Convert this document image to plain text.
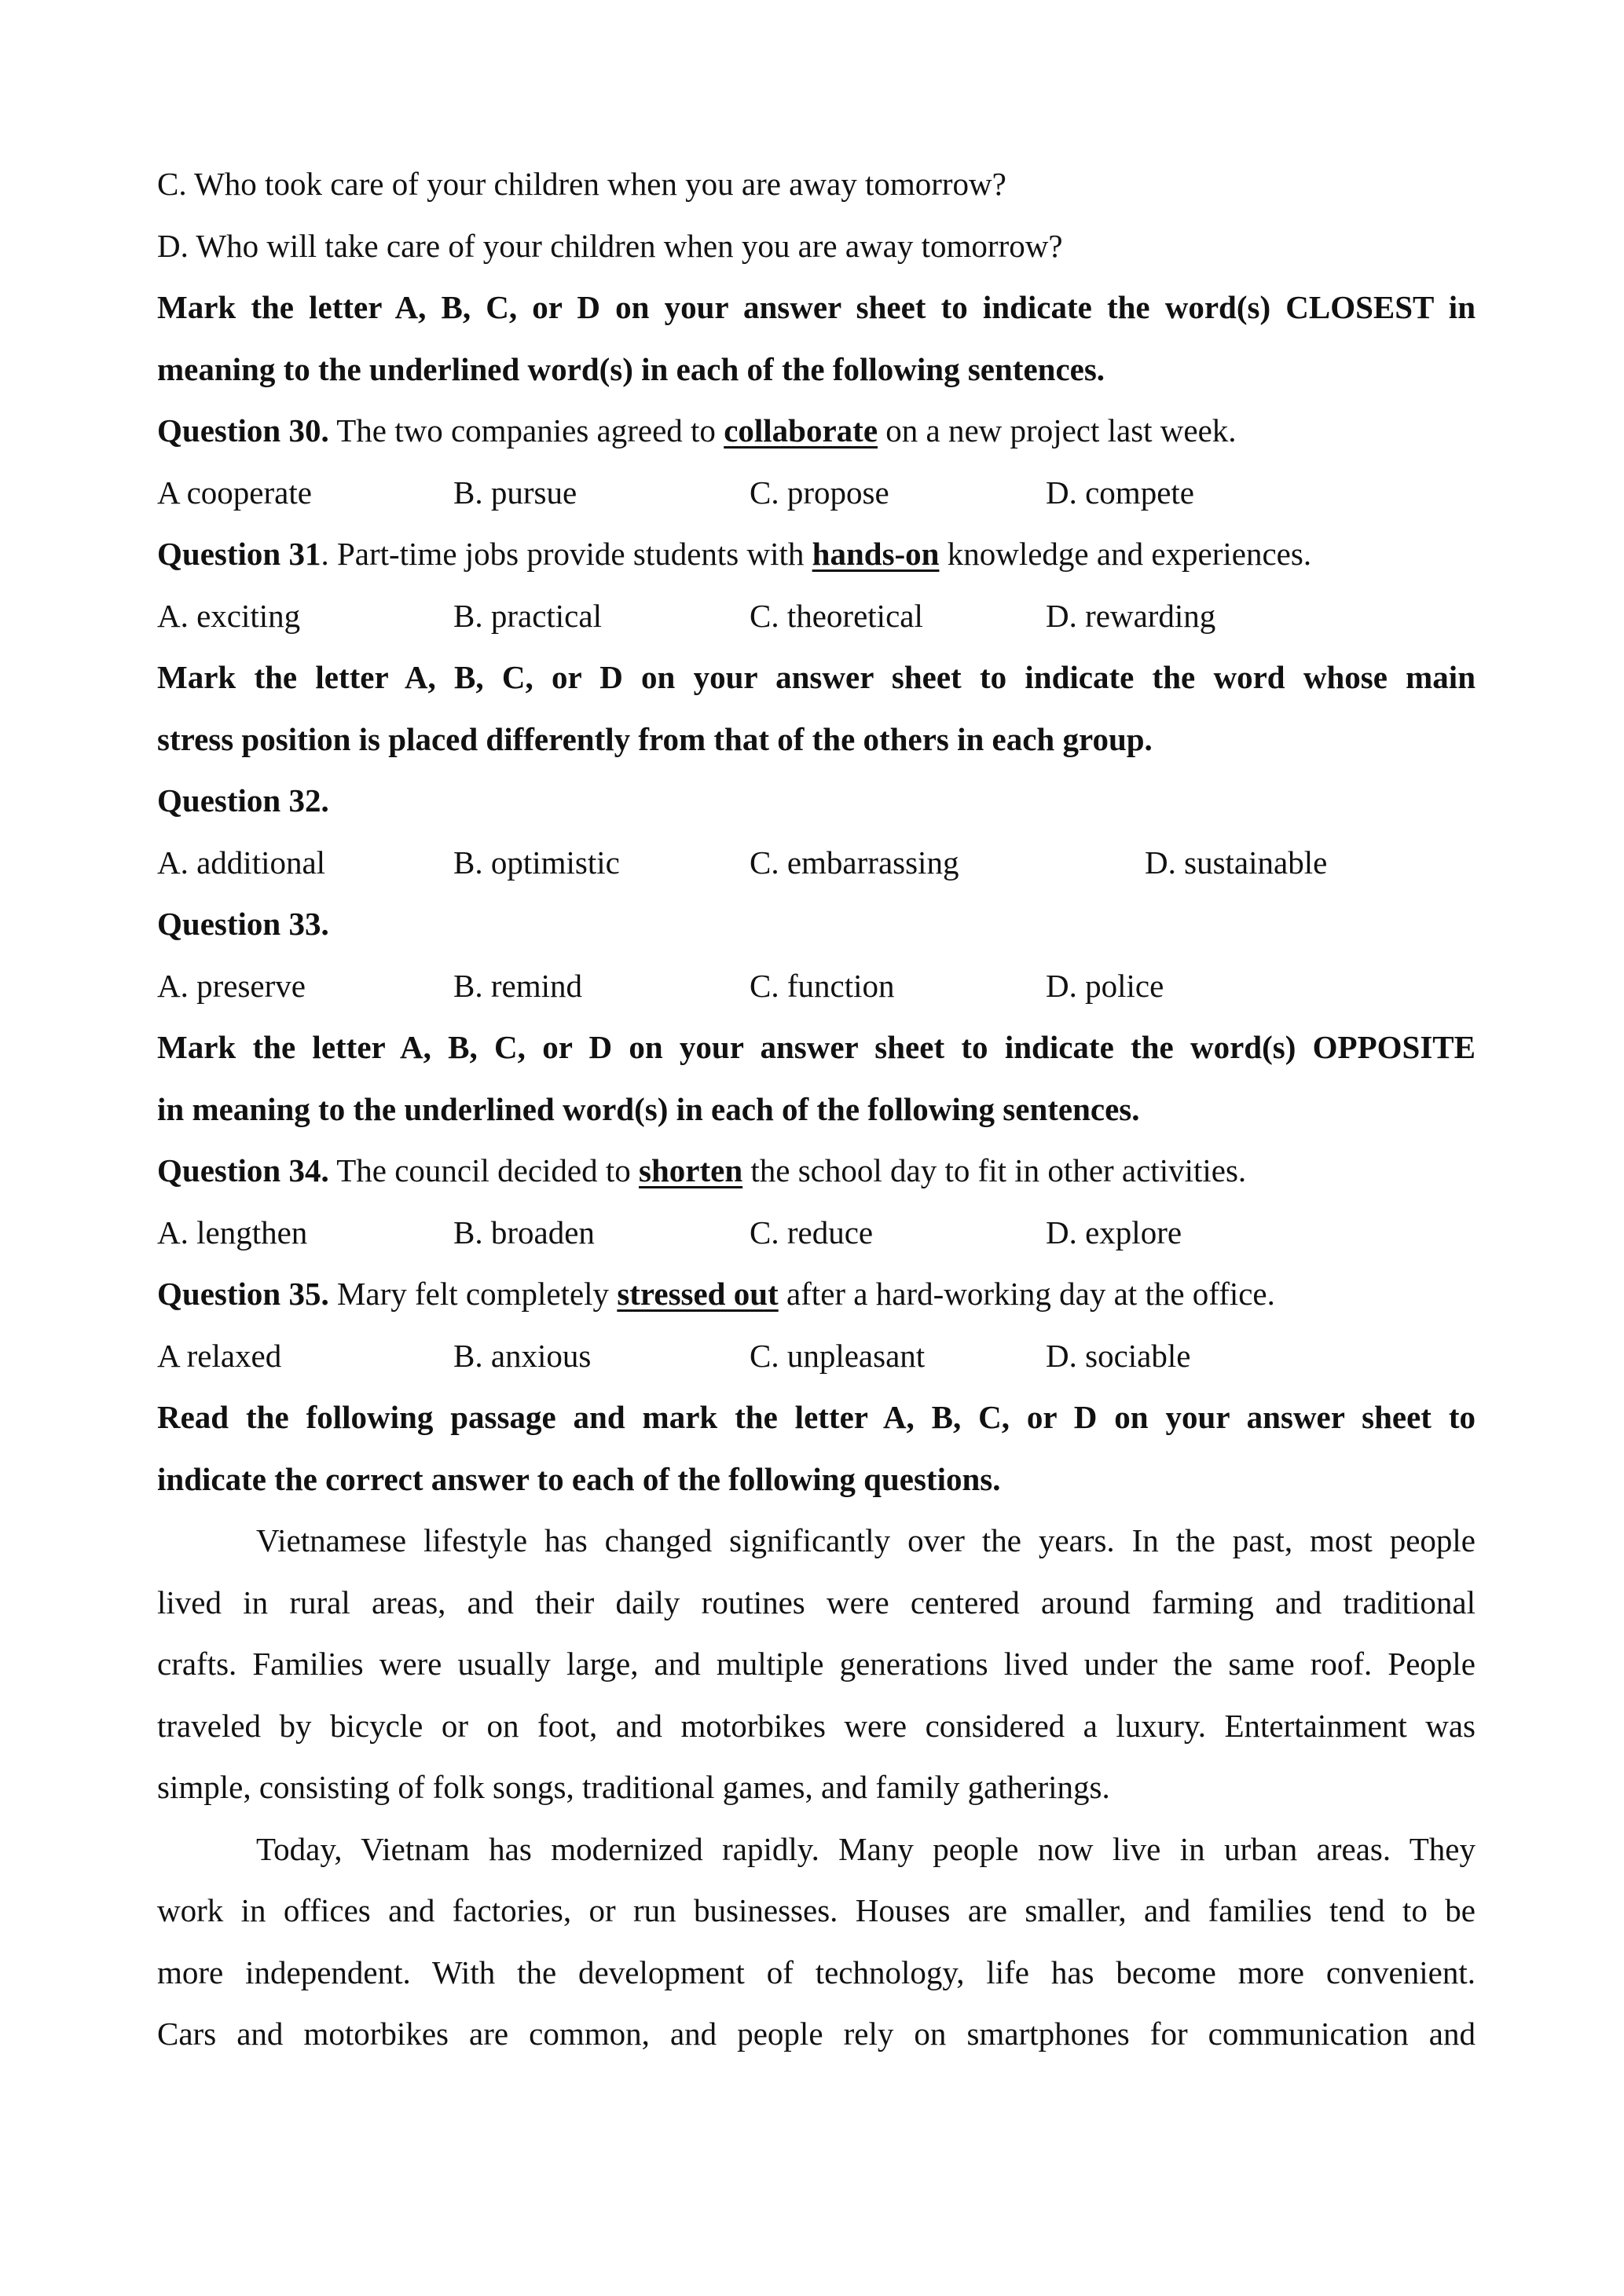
C. Who took care of your children when you are away tomorrow?
D. Who will take care of your children when you are away tomorrow?
Mark the letter A, B, C, or D on your answer sheet to indicate the word(s) CLOSEST in
meaning to the underlined word(s) in each of the following sentences.
Question 30. The two companies agreed to collaborate on a new project last week.
A cooperate	B. pursue	C. propose	D. compete
Question 31. Part-time jobs provide students with hands-on knowledge and experiences.
A. exciting	B. practical	C. theoretical	D. rewarding
Mark the letter A, B, C, or D on your answer sheet to indicate the word whose main
stress position is placed differently from that of the others in each group.
Question 32.
A. additional	B. optimistic	C. embarrassing	D. sustainable
Question 33.
A. preserve	B. remind	C. function	D. police
Mark the letter A, B, C, or D on your answer sheet to indicate the word(s) OPPOSITE
in meaning to the underlined word(s) in each of the following sentences.
Question 34. The council decided to shorten the school day to fit in other activities.
A. lengthen	B. broaden	C. reduce	D. explore
Question 35. Mary felt completely stressed out after a hard-working day at the office.
A relaxed	B. anxious	C. unpleasant	D. sociable
Read the following passage and mark the letter A, B, C, or D on your answer sheet to
indicate the correct answer to each of the following questions.
Vietnamese lifestyle has changed significantly over the years. In the past, most people
lived in rural areas, and their daily routines were centered around farming and traditional
crafts. Families were usually large, and multiple generations lived under the same roof. People
traveled by bicycle or on foot, and motorbikes were considered a luxury. Entertainment was
simple, consisting of folk songs, traditional games, and family gatherings.
Today, Vietnam has modernized rapidly. Many people now live in urban areas. They
work in offices and factories, or run businesses. Houses are smaller, and families tend to be
more independent. With the development of technology, life has become more convenient.
Cars and motorbikes are common, and people rely on smartphones for communication and
